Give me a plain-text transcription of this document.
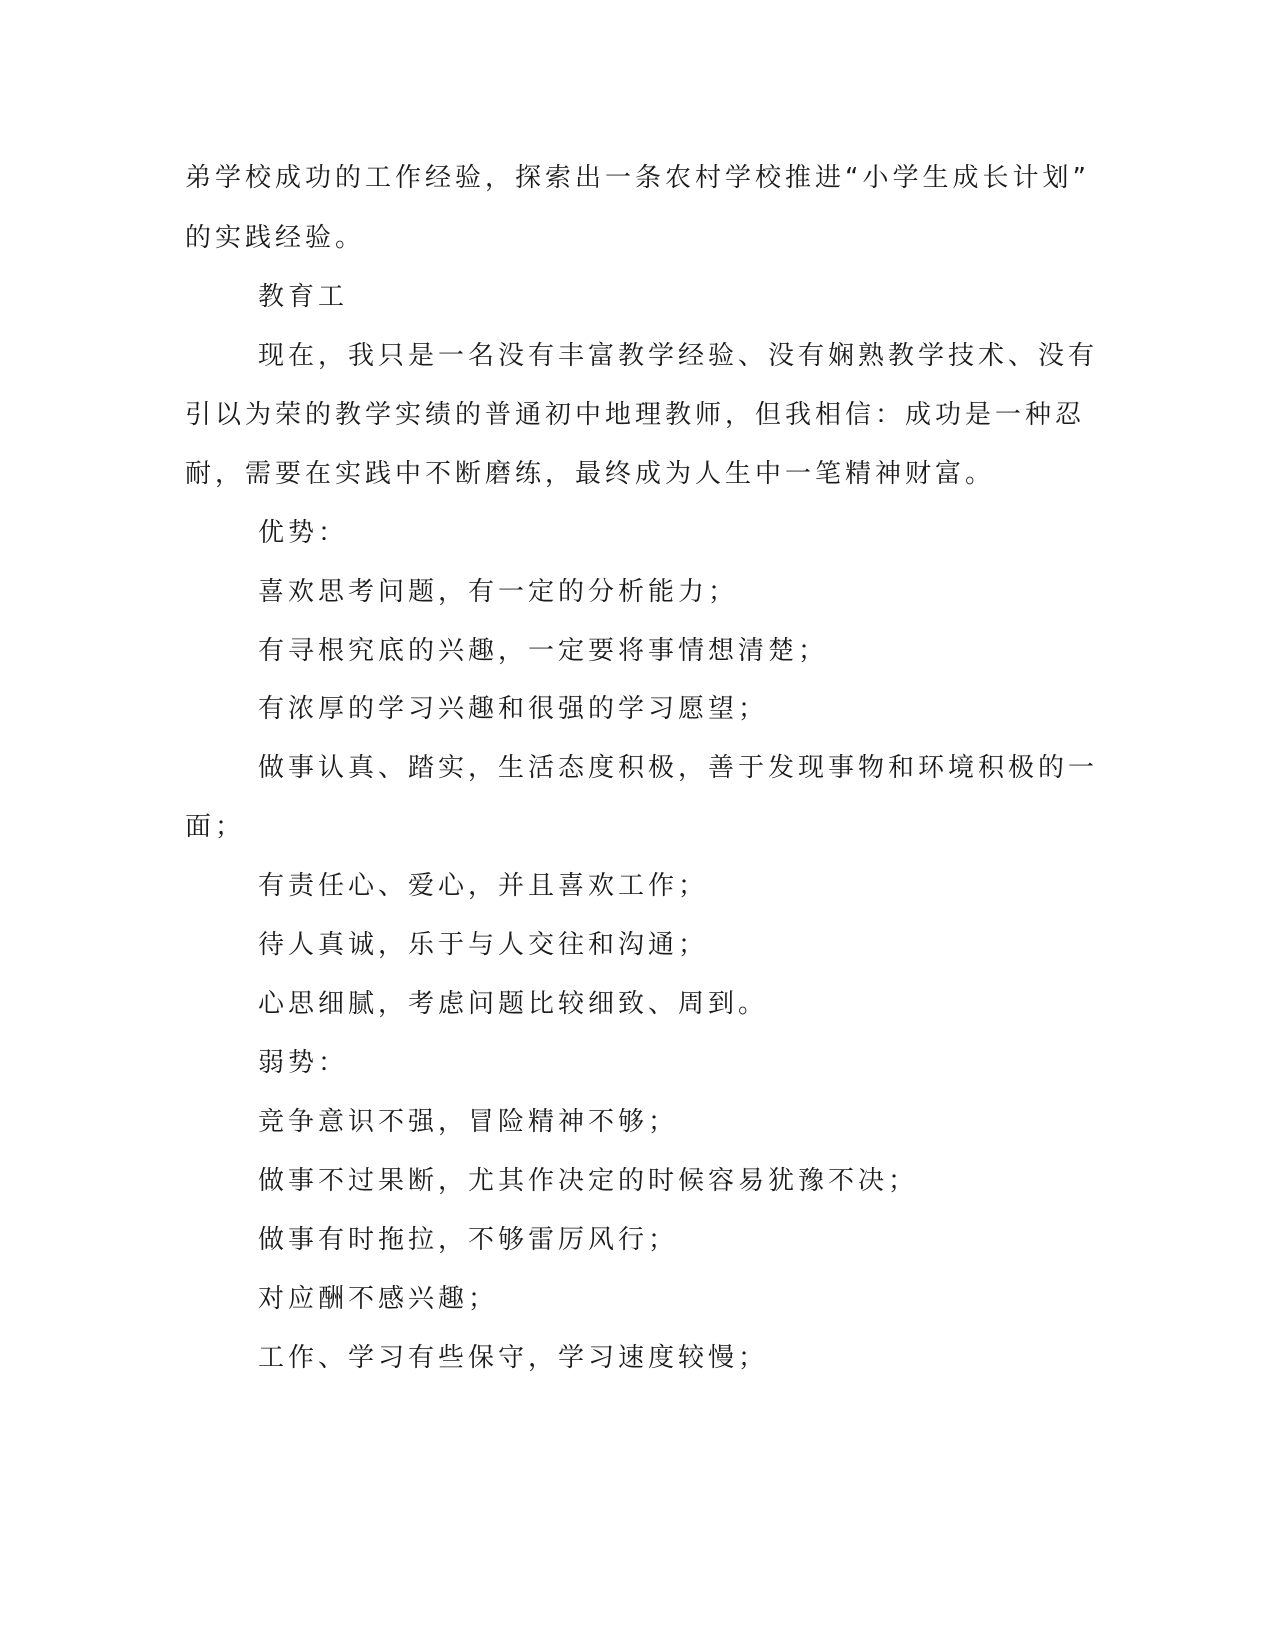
弟学校成功的工作经验，探索出一条农村学校推进“小学生成长计划”
的实践经验。
教育工
现在，我只是一名没有丰富教学经验、没有娴熟教学技术、没有
引以为荣的教学实绩的普通初中地理教师，但我相信：成功是一种忍
耐，需要在实践中不断磨练，最终成为人生中一笔精神财富。
优势：
喜欢思考问题，有一定的分析能力；
有寻根究底的兴趣，一定要将事情想清楚；
有浓厚的学习兴趣和很强的学习愿望；
做事认真、踏实，生活态度积极，善于发现事物和环境积极的一
面；
有责任心、爱心，并且喜欢工作；
待人真诚，乐于与人交往和沟通；
心思细腻，考虑问题比较细致、周到。
弱势：
竞争意识不强，冒险精神不够；
做事不过果断，尤其作决定的时候容易犹豫不决；
做事有时拖拉，不够雷厉风行；
对应酬不感兴趣；
工作、学习有些保守，学习速度较慢；
